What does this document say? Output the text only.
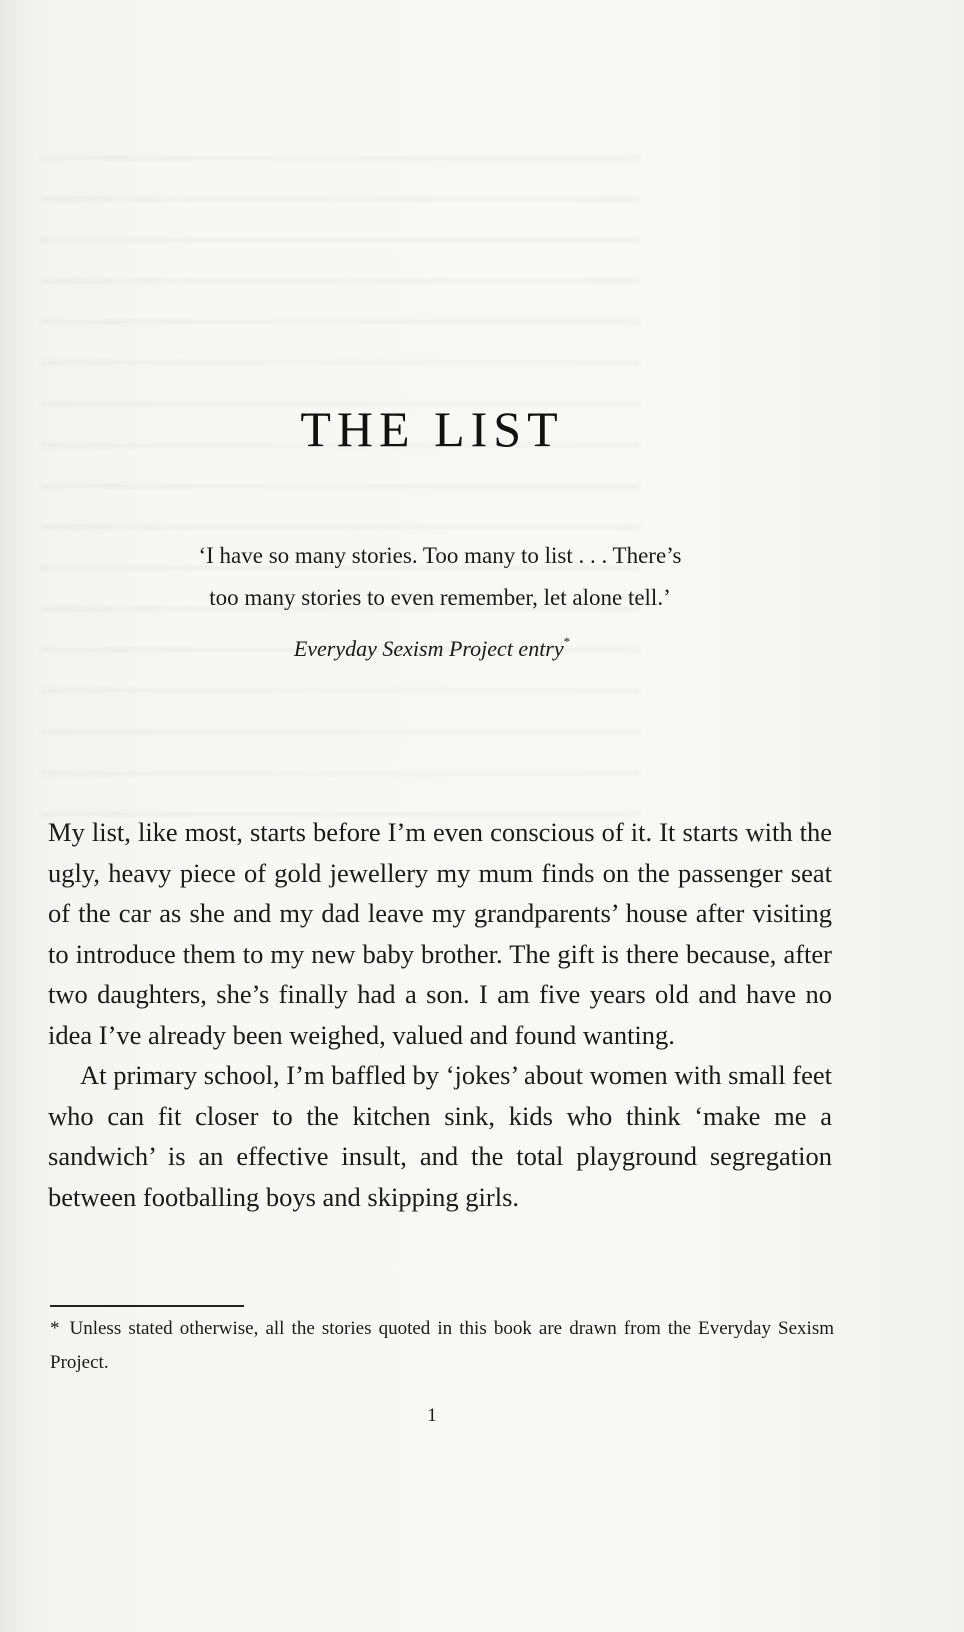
THE LIST

‘I have so many stories. Too many to list . . . There’s

too many stories to even remember, let alone tell.’

Everyday Sexism Project entry*

My list, like most, starts before I’m even conscious of it. It starts with the ugly, heavy piece of gold jewellery my mum finds on the passenger seat of the car as she and my dad leave my grandparents’ house after visiting to introduce them to my new baby brother. The gift is there because, after two daughters, she’s finally had a son. I am five years old and have no idea I’ve already been weighed, valued and found wanting.

At primary school, I’m baffled by ‘jokes’ about women with small feet who can fit closer to the kitchen sink, kids who think ‘make me a sandwich’ is an effective insult, and the total playground segregation between footballing boys and skipping girls.

* Unless stated otherwise, all the stories quoted in this book are drawn from the Everyday Sexism Project.
1
